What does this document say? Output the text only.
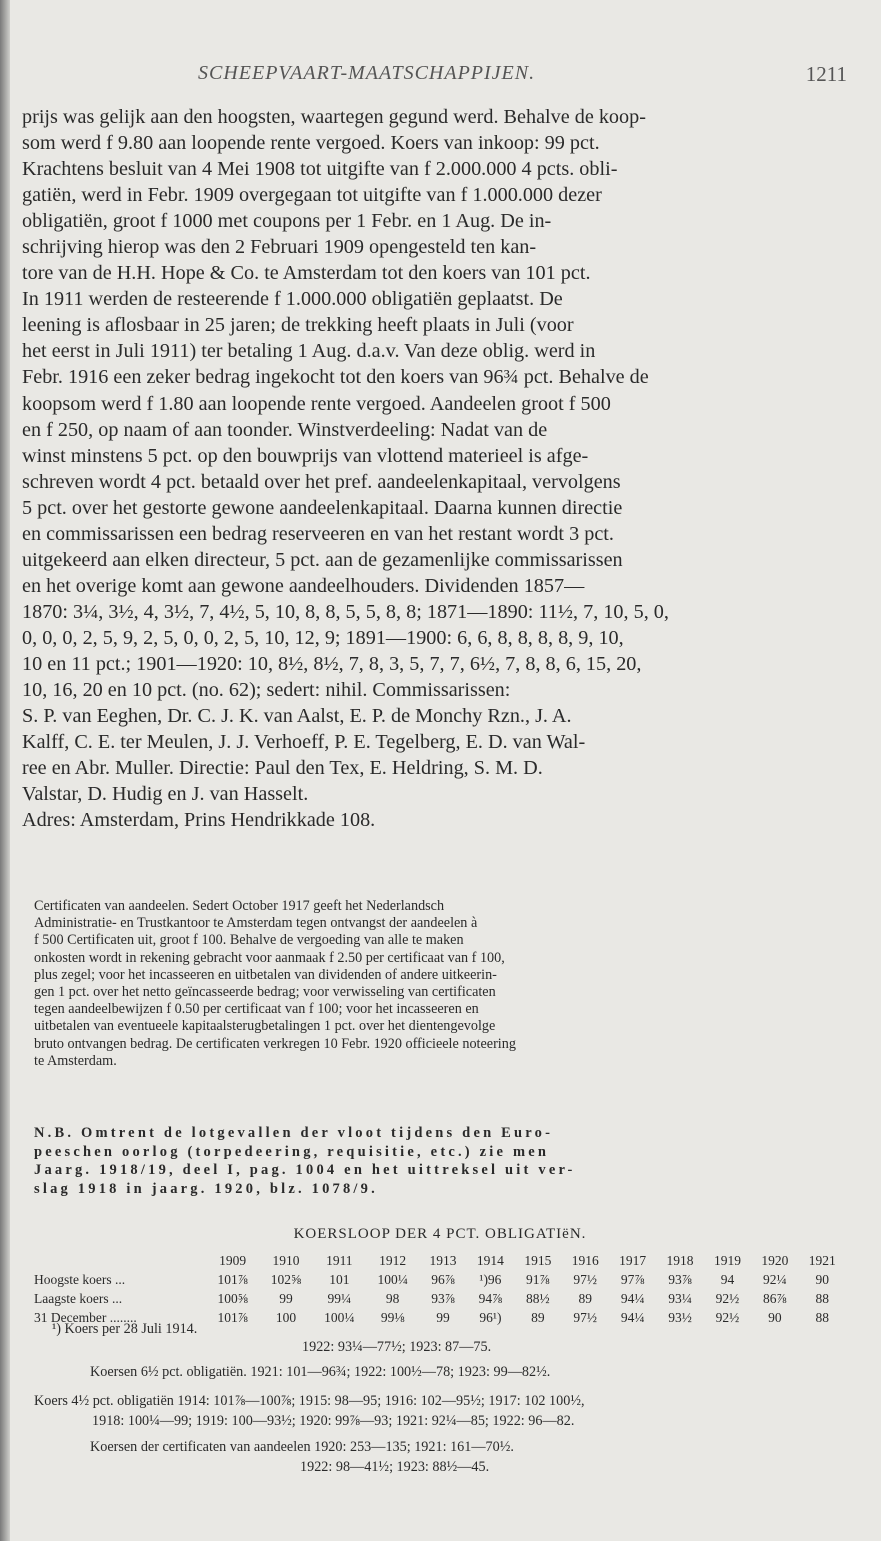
SCHEEPVAART-MAATSCHAPPIJEN.	1211

prijs was gelijk aan den hoogsten, waartegen gegund werd. Behalve de koop-

som werd f 9.80 aan loopende rente vergoed. Koers van inkoop: 99 pct.

Krachtens besluit van 4 Mei 1908 tot uitgifte van f 2.000.000 4 pcts. obli-

gatiën, werd in Febr. 1909 overgegaan tot uitgifte van f 1.000.000 dezer

obligatiën, groot f 1000 met coupons per 1 Febr. en 1 Aug. De in-

schrijving hierop was den 2 Februari 1909 opengesteld ten kan-

tore van de H.H. Hope & Co. te Amsterdam tot den koers van 101 pct.

In 1911 werden de resteerende f 1.000.000 obligatiën geplaatst. De

leening is aflosbaar in 25 jaren; de trekking heeft plaats in Juli (voor

het eerst in Juli 1911) ter betaling 1 Aug. d.a.v. Van deze oblig. werd in

Febr. 1916 een zeker bedrag ingekocht tot den koers van 96¾ pct. Behalve de

koopsom werd f 1.80 aan loopende rente vergoed. Aandeelen groot f 500

en f 250, op naam of aan toonder. Winstverdeeling: Nadat van de

winst minstens 5 pct. op den bouwprijs van vlottend materieel is afge-

schreven wordt 4 pct. betaald over het pref. aandeelenkapitaal, vervolgens

5 pct. over het gestorte gewone aandeelenkapitaal. Daarna kunnen directie

en commissarissen een bedrag reserveeren en van het restant wordt 3 pct.

uitgekeerd aan elken directeur, 5 pct. aan de gezamenlijke commissarissen

en het overige komt aan gewone aandeelhouders. Dividenden 1857—

1870: 3¼, 3½, 4, 3½, 7, 4½, 5, 10, 8, 8, 5, 5, 8, 8; 1871—1890: 11½, 7, 10, 5, 0,

0, 0, 0, 2, 5, 9, 2, 5, 0, 0, 2, 5, 10, 12, 9; 1891—1900: 6, 6, 8, 8, 8, 8, 9, 10,

10 en 11 pct.; 1901—1920: 10, 8½, 8½, 7, 8, 3, 5, 7, 7, 6½, 7, 8, 8, 6, 15, 20,

10, 16, 20 en 10 pct. (no. 62); sedert: nihil. Commissarissen:

S. P. van Eeghen, Dr. C. J. K. van Aalst, E. P. de Monchy Rzn., J. A.

Kalff, C. E. ter Meulen, J. J. Verhoeff, P. E. Tegelberg, E. D. van Wal-

ree en Abr. Muller. Directie: Paul den Tex, E. Heldring, S. M. D.

Valstar, D. Hudig en J. van Hasselt.

Adres: Amsterdam, Prins Hendrikkade 108.

Certificaten van aandeelen. Sedert October 1917 geeft het Nederlandsch

Administratie- en Trustkantoor te Amsterdam tegen ontvangst der aandeelen à

f 500 Certificaten uit, groot f 100. Behalve de vergoeding van alle te maken

onkosten wordt in rekening gebracht voor aanmaak f 2.50 per certificaat van f 100,

plus zegel; voor het incasseeren en uitbetalen van dividenden of andere uitkeerin-

gen 1 pct. over het netto geïncasseerde bedrag; voor verwisseling van certificaten

tegen aandeelbewijzen f 0.50 per certificaat van f 100; voor het incasseeren en

uitbetalen van eventueele kapitaalsterugbetalingen 1 pct. over het dientengevolge

bruto ontvangen bedrag. De certificaten verkregen 10 Febr. 1920 officieele noteering

te Amsterdam.

N.B. Omtrent de lotgevallen der vloot tijdens den Euro-

peeschen oorlog (torpedeering, requisitie, etc.) zie men

Jaarg. 1918/19, deel I, pag. 1004 en het uittreksel uit ver-

slag 1918 in jaarg. 1920, blz. 1078/9.

KOERSLOOP DER 4 PCT. OBLIGATIëN.
	1909	1910	1911	1912	1913	1914	1915	1916	1917	1918	1919	1920	1921
Hoogste koers ...	101⅞	102⅝	101	100¼	96⅞	¹)96	91⅞	97½	97⅞	93⅞	94	92¼	90
Laagste koers ...	100⅝	99	99¼	98	93⅞	94⅞	88½	89	94¼	93¼	92½	86⅞	88
31 December ........	101⅞	100	100¼	99⅛	99	96¹)	89	97½	94¼	93½	92½	90	88
¹) Koers per 28 Juli 1914.
1922: 93¼—77½; 1923: 87—75.
Koersen 6½ pct. obligatiën. 1921: 101—96¾; 1922: 100½—78; 1923: 99—82½.
Koers 4½ pct. obligatiën 1914: 101⅞—100⅞; 1915: 98—95; 1916: 102—95½; 1917: 102 100½,
1918: 100¼—99; 1919: 100—93½; 1920: 99⅞—93; 1921: 92¼—85; 1922: 96—82.
Koersen der certificaten van aandeelen 1920: 253—135; 1921: 161—70½.
1922: 98—41½; 1923: 88½—45.
